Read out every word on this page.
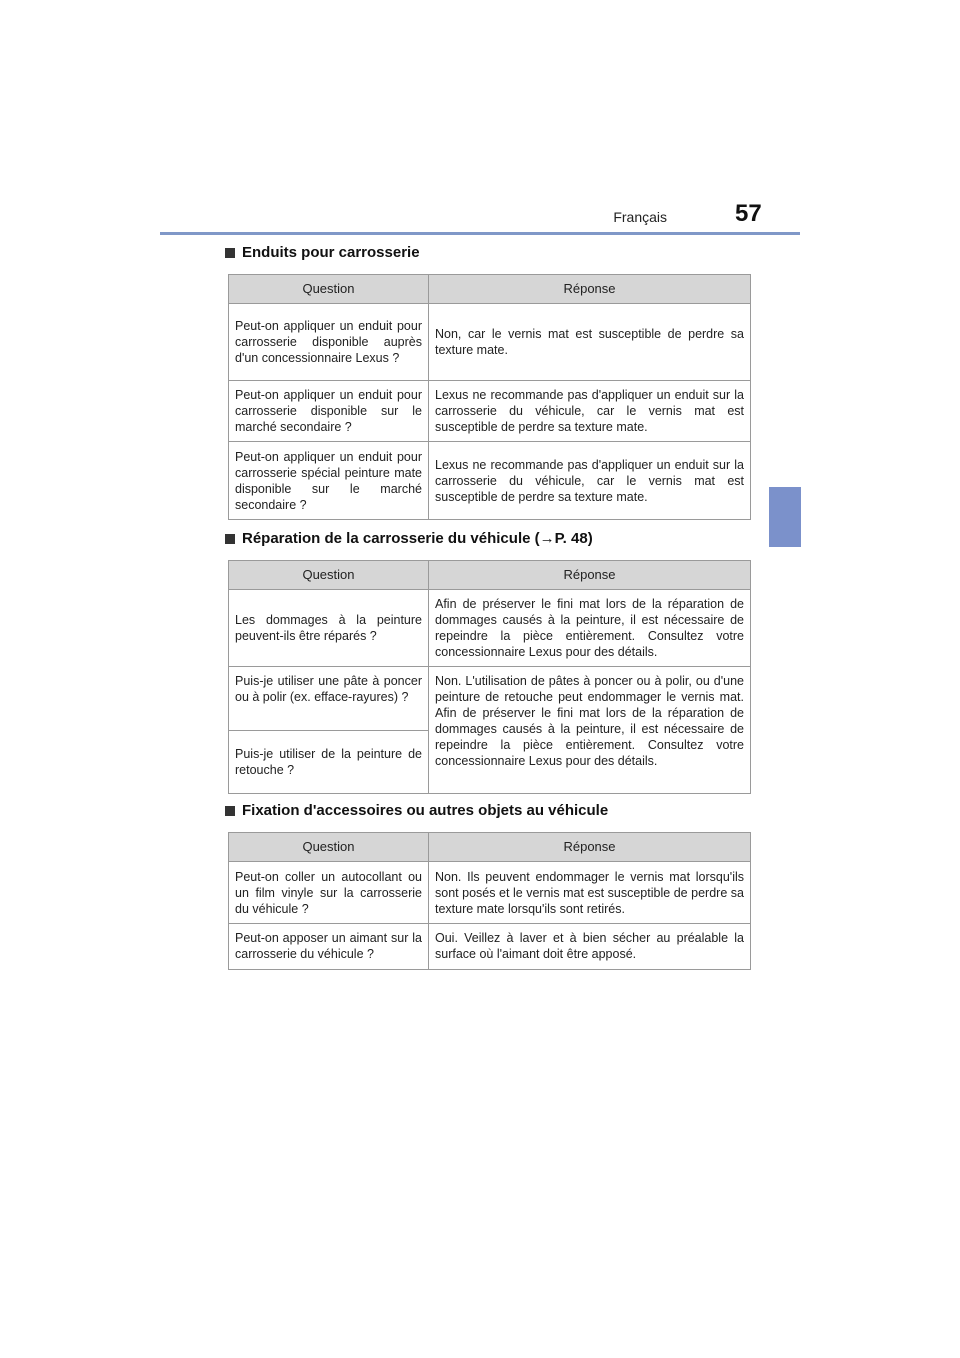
Français	57
Enduits pour carrosserie
Question	Réponse
Peut-on appliquer un enduit pour carrosserie disponible auprès d'un concessionnaire Lexus ?	Non, car le vernis mat est susceptible de perdre sa texture mate.
Peut-on appliquer un enduit pour carrosserie disponible sur le marché secondaire ?	Lexus ne recommande pas d'appliquer un enduit sur la carrosserie du véhicule, car le vernis mat est susceptible de perdre sa texture mate.
Peut-on appliquer un enduit pour carrosserie spécial peinture mate disponible sur le marché secondaire ?	Lexus ne recommande pas d'appliquer un enduit sur la carrosserie du véhicule, car le vernis mat est susceptible de perdre sa texture mate.
Réparation de la carrosserie du véhicule (→P. 48)
Question	Réponse
Les dommages à la peinture peuvent-ils être réparés ?	Afin de préserver le fini mat lors de la réparation de dommages causés à la peinture, il est nécessaire de repeindre la pièce entièrement. Consultez votre concessionnaire Lexus pour des détails.
Puis-je utiliser une pâte à poncer ou à polir (ex. efface-rayures) ?	Non. L'utilisation de pâtes à poncer ou à polir, ou d'une peinture de retouche peut endommager le vernis mat. Afin de préserver le fini mat lors de la réparation de dommages causés à la peinture, il est nécessaire de repeindre la pièce entièrement. Consultez votre concessionnaire Lexus pour des détails.
Puis-je utiliser de la peinture de retouche ?	
Fixation d'accessoires ou autres objets au véhicule
Question	Réponse
Peut-on coller un autocollant ou un film vinyle sur la carrosserie du véhicule ?	Non. Ils peuvent endommager le vernis mat lorsqu'ils sont posés et le vernis mat est susceptible de perdre sa texture mate lorsqu'ils sont retirés.
Peut-on apposer un aimant sur la carrosserie du véhicule ?	Oui. Veillez à laver et à bien sécher au préalable la surface où l'aimant doit être apposé.
